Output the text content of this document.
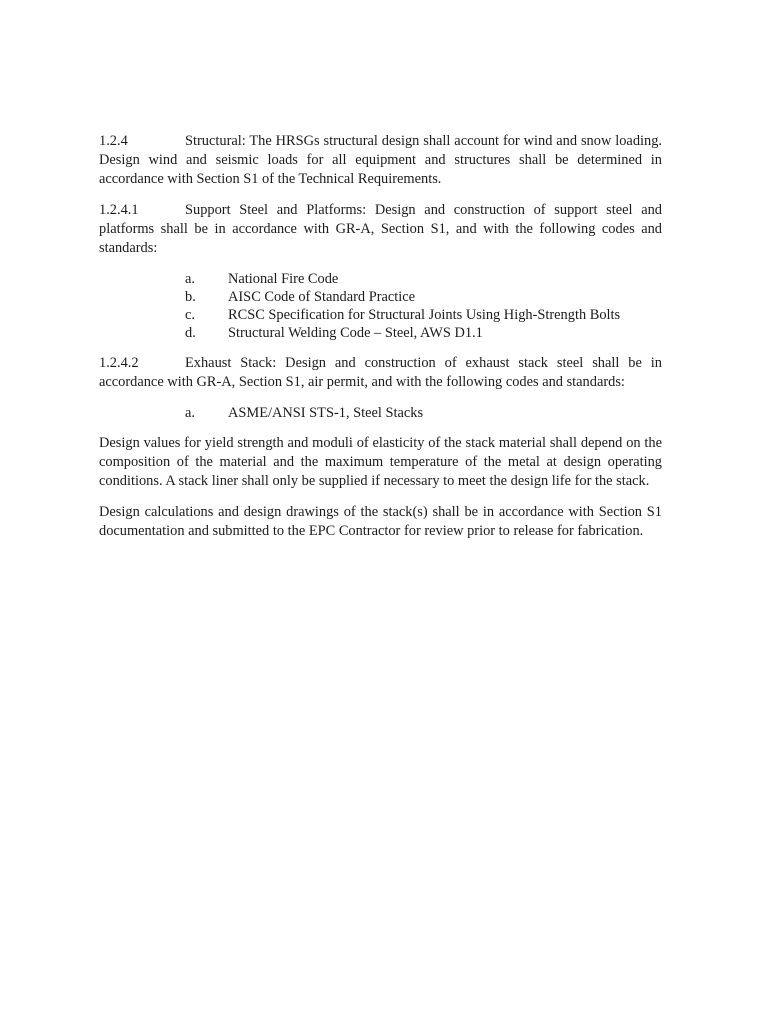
1.2.4	Structural: The HRSGs structural design shall account for wind and snow loading. Design wind and seismic loads for all equipment and structures shall be determined in accordance with Section S1 of the Technical Requirements.

1.2.4.1	Support Steel and Platforms: Design and construction of support steel and platforms shall be in accordance with GR-A, Section S1, and with the following codes and standards:

a. National Fire Code
b. AISC Code of Standard Practice
c. RCSC Specification for Structural Joints Using High-Strength Bolts
d. Structural Welding Code – Steel, AWS D1.1

1.2.4.2	Exhaust Stack: Design and construction of exhaust stack steel shall be in accordance with GR-A, Section S1, air permit, and with the following codes and standards:

a. ASME/ANSI STS-1, Steel Stacks

Design values for yield strength and moduli of elasticity of the stack material shall depend on the composition of the material and the maximum temperature of the metal at design operating conditions. A stack liner shall only be supplied if necessary to meet the design life for the stack.

Design calculations and design drawings of the stack(s) shall be in accordance with Section S1 documentation and submitted to the EPC Contractor for review prior to release for fabrication.
